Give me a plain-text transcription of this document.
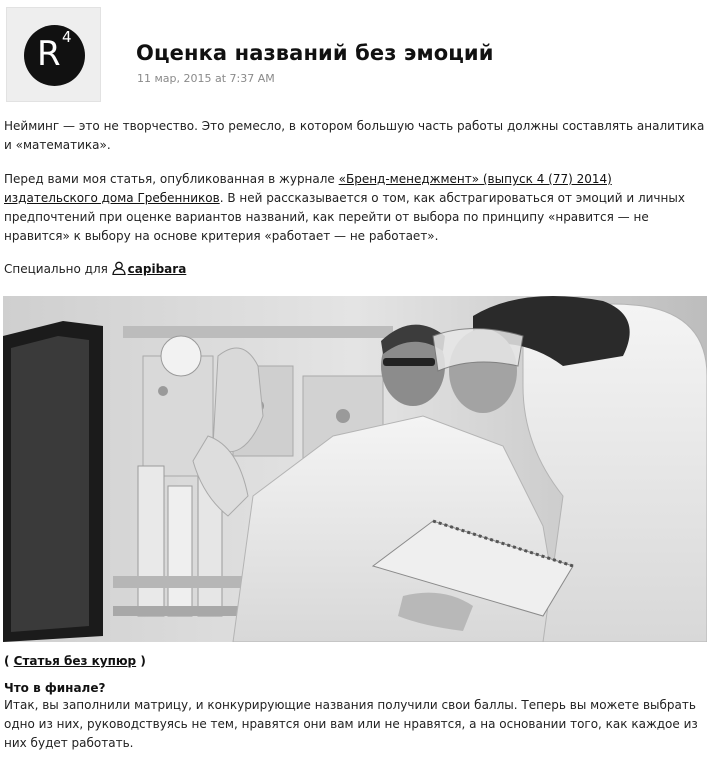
R 4
Оценка названий без эмоций
11 мар, 2015 at 7:37 AM

Нейминг — это не творчество. Это ремесло, в котором большую часть работы должны составлять аналитика и «математика».

Перед вами моя статья, опубликованная в журнале «Бренд-менеджмент» (выпуск 4 (77) 2014) издательского дома Гребенников. В ней рассказывается о том, как абстрагироваться от эмоций и личных предпочтений при оценке вариантов названий, как перейти от выбора по принципу «нравится — не нравится» к выбору на основе критерия «работает — не работает».

Специально для capibara

( Статья без купюр )

Что в финале?

Итак, вы заполнили матрицу, и конкурирующие названия получили свои баллы. Теперь вы можете выбрать одно из них, руководствуясь не тем, нравятся они вам или не нравятся, а на основании того, как каждое из них будет работать.
